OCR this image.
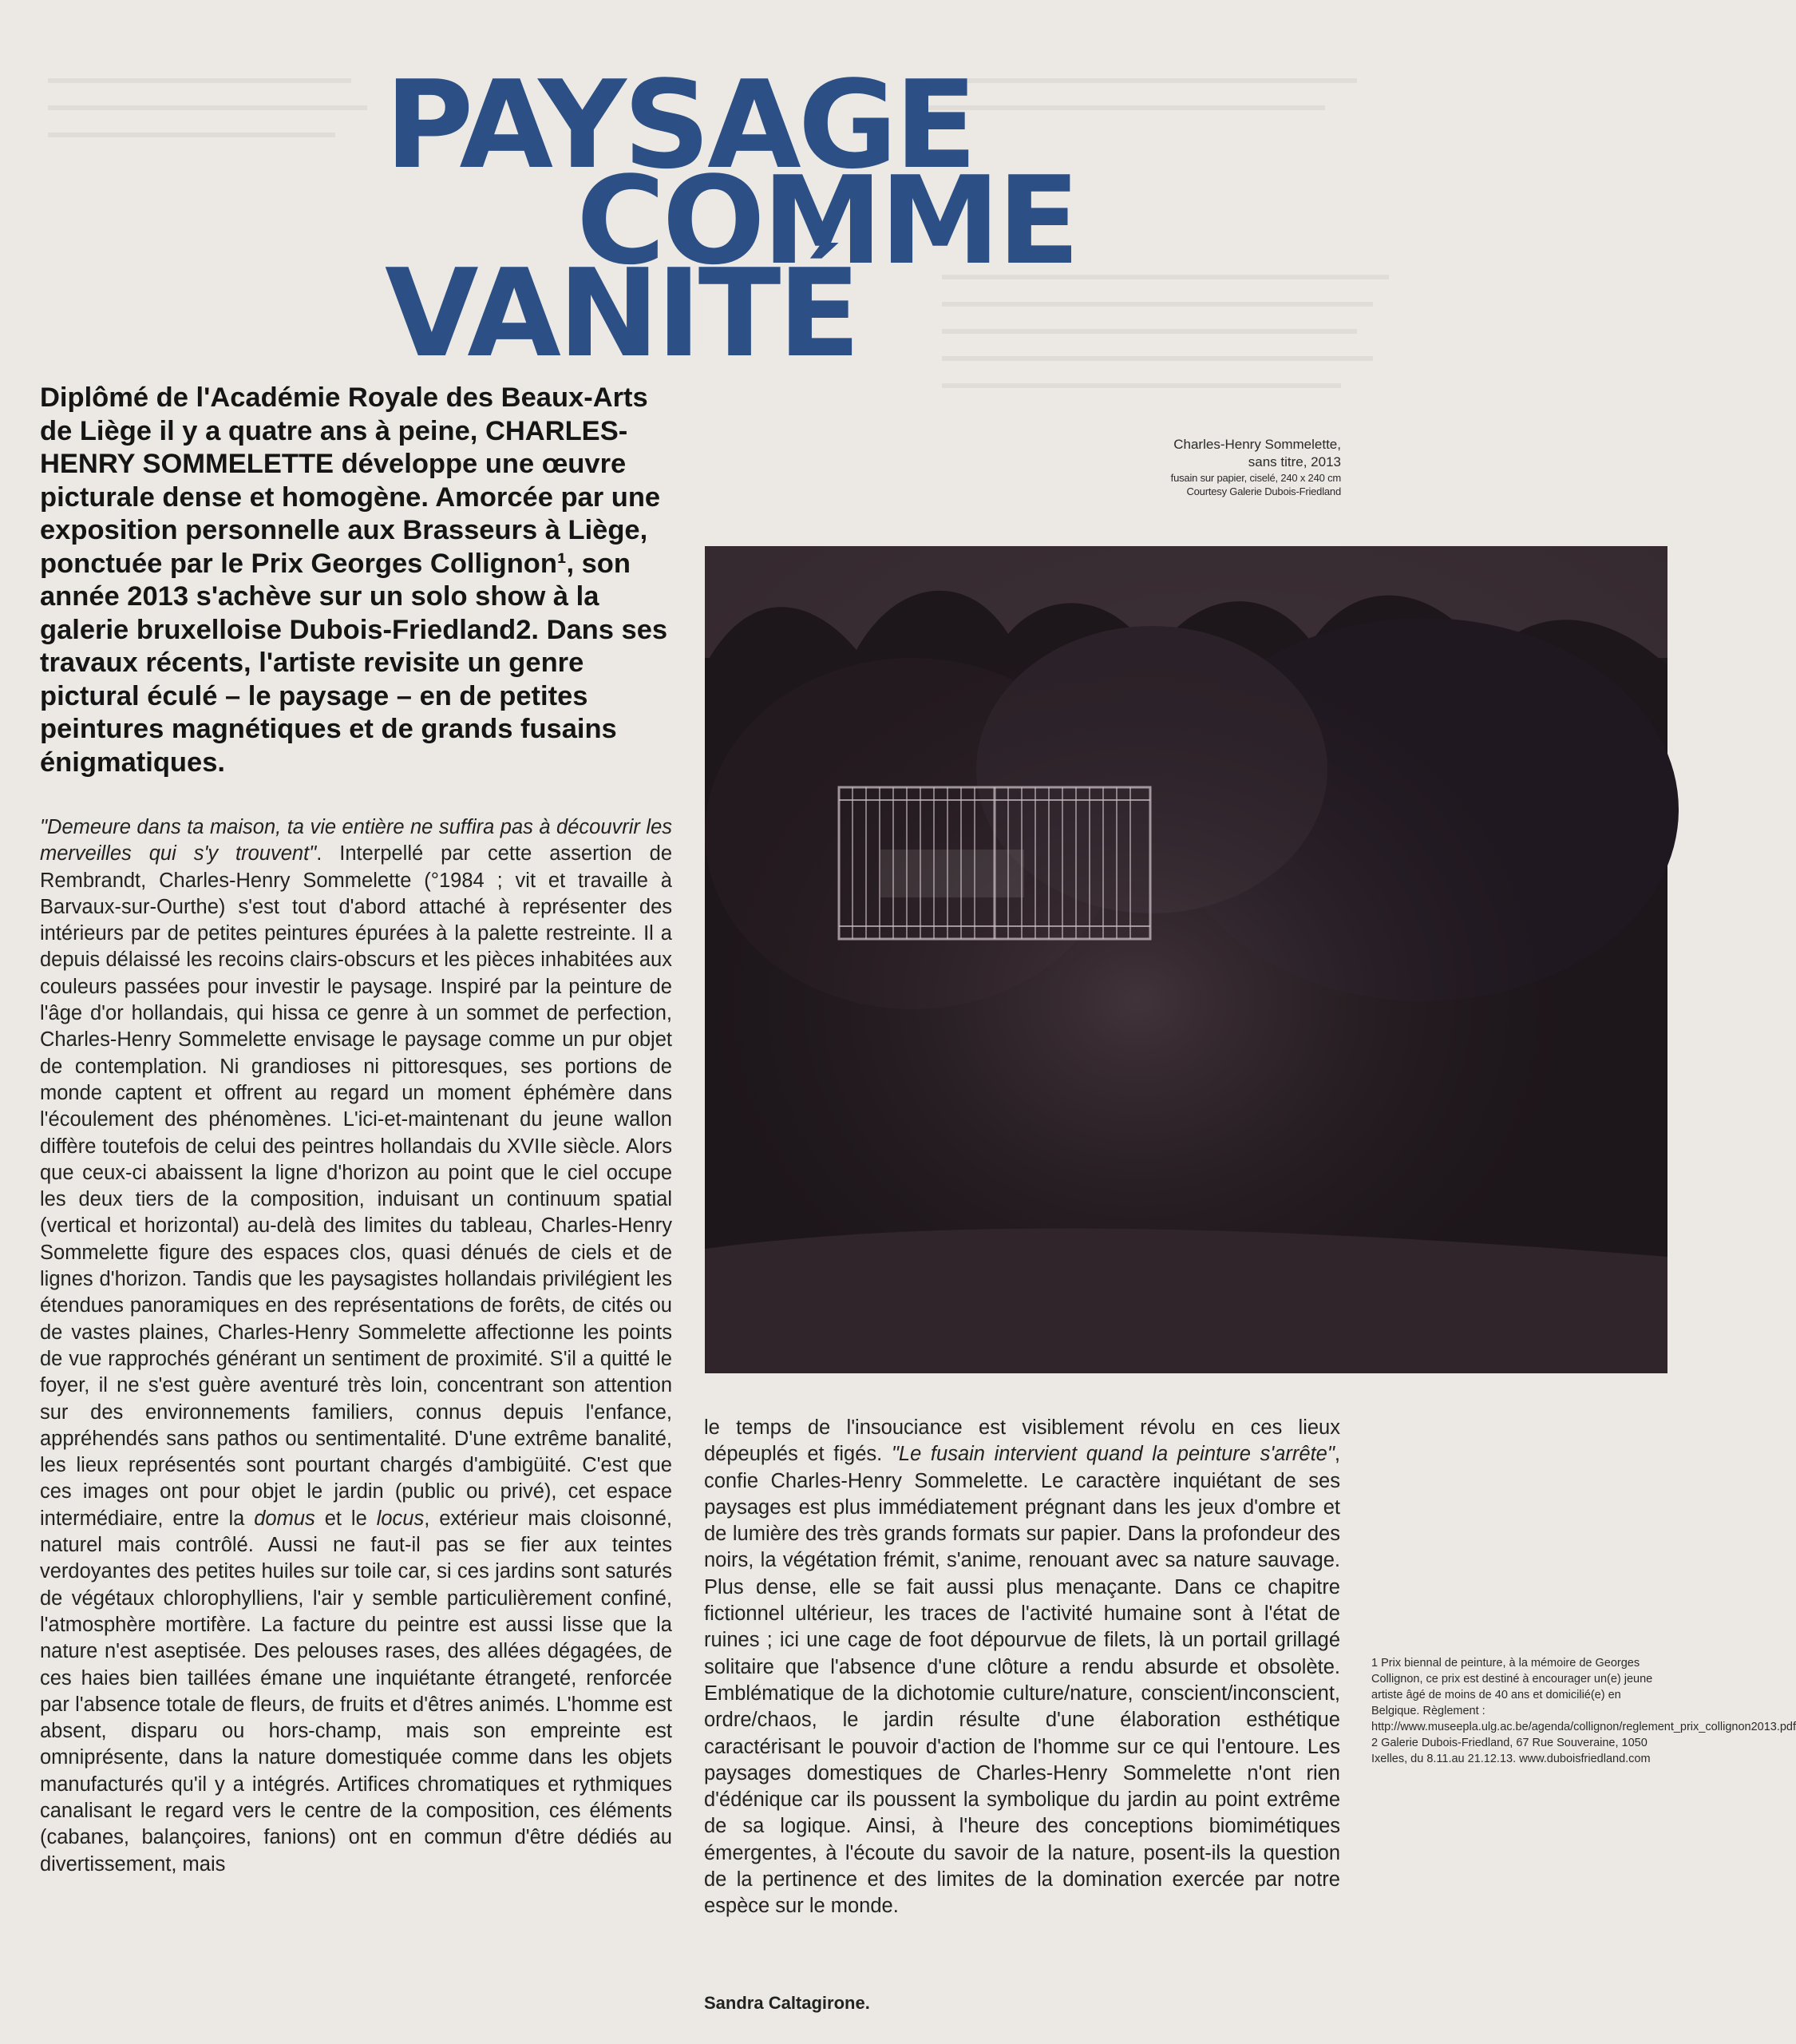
PAYSAGE
COMME
VANITÉ

Diplômé de l'Académie Royale des Beaux-Arts de Liège il y a quatre ans à peine, CHARLES-HENRY SOMMELETTE développe une œuvre picturale dense et homogène. Amorcée par une exposition personnelle aux Brasseurs à Liège, ponctuée par le Prix Georges Collignon¹, son année 2013 s'achève sur un solo show à la galerie bruxelloise Dubois-Friedland2. Dans ses travaux récents, l'artiste revisite un genre pictural éculé – le paysage – en de petites peintures magnétiques et de grands fusains énigmatiques.

Charles-Henry Sommelette,
sans titre, 2013
fusain sur papier, ciselé, 240 x 240 cm
Courtesy Galerie Dubois-Friedland

"Demeure dans ta maison, ta vie entière ne suffira pas à découvrir les merveilles qui s'y trouvent". Interpellé par cette assertion de Rembrandt, Charles-Henry Sommelette (°1984 ; vit et travaille à Barvaux-sur-Ourthe) s'est tout d'abord attaché à représenter des intérieurs par de petites peintures épurées à la palette restreinte. Il a depuis délaissé les recoins clairs-obscurs et les pièces inhabitées aux couleurs passées pour investir le paysage. Inspiré par la peinture de l'âge d'or hollandais, qui hissa ce genre à un sommet de perfection, Charles-Henry Sommelette envisage le paysage comme un pur objet de contemplation. Ni grandioses ni pittoresques, ses portions de monde captent et offrent au regard un moment éphémère dans l'écoulement des phénomènes. L'ici-et-maintenant du jeune wallon diffère toutefois de celui des peintres hollandais du XVIIe siècle. Alors que ceux-ci abaissent la ligne d'horizon au point que le ciel occupe les deux tiers de la composition, induisant un continuum spatial (vertical et horizontal) au-delà des limites du tableau, Charles-Henry Sommelette figure des espaces clos, quasi dénués de ciels et de lignes d'horizon. Tandis que les paysagistes hollandais privilégient les étendues panoramiques en des représentations de forêts, de cités ou de vastes plaines, Charles-Henry Sommelette affectionne les points de vue rapprochés générant un sentiment de proximité. S'il a quitté le foyer, il ne s'est guère aventuré très loin, concentrant son attention sur des environnements familiers, connus depuis l'enfance, appréhendés sans pathos ou sentimentalité. D'une extrême banalité, les lieux représentés sont pourtant chargés d'ambigüité. C'est que ces images ont pour objet le jardin (public ou privé), cet espace intermédiaire, entre la domus et le locus, extérieur mais cloisonné, naturel mais contrôlé. Aussi ne faut-il pas se fier aux teintes verdoyantes des petites huiles sur toile car, si ces jardins sont saturés de végétaux chlorophylliens, l'air y semble particulièrement confiné, l'atmosphère mortifère. La facture du peintre est aussi lisse que la nature n'est aseptisée. Des pelouses rases, des allées dégagées, de ces haies bien taillées émane une inquiétante étrangeté, renforcée par l'absence totale de fleurs, de fruits et d'êtres animés. L'homme est absent, disparu ou hors-champ, mais son empreinte est omniprésente, dans la nature domestiquée comme dans les objets manufacturés qu'il y a intégrés. Artifices chromatiques et rythmiques canalisant le regard vers le centre de la composition, ces éléments (cabanes, balançoires, fanions) ont en commun d'être dédiés au divertissement, mais

le temps de l'insouciance est visiblement révolu en ces lieux dépeuplés et figés. "Le fusain intervient quand la peinture s'arrête", confie Charles-Henry Sommelette. Le caractère inquiétant de ses paysages est plus immédiatement prégnant dans les jeux d'ombre et de lumière des très grands formats sur papier. Dans la profondeur des noirs, la végétation frémit, s'anime, renouant avec sa nature sauvage. Plus dense, elle se fait aussi plus menaçante. Dans ce chapitre fictionnel ultérieur, les traces de l'activité humaine sont à l'état de ruines ; ici une cage de foot dépourvue de filets, là un portail grillagé solitaire que l'absence d'une clôture a rendu absurde et obsolète. Emblématique de la dichotomie culture/nature, conscient/inconscient, ordre/chaos, le jardin résulte d'une élaboration esthétique caractérisant le pouvoir d'action de l'homme sur ce qui l'entoure. Les paysages domestiques de Charles-Henry Sommelette n'ont rien d'édénique car ils poussent la symbolique du jardin au point extrême de sa logique. Ainsi, à l'heure des conceptions biomimétiques émergentes, à l'écoute du savoir de la nature, posent-ils la question de la pertinence et des limites de la domination exercée par notre espèce sur le monde.

Sandra Caltagirone.

1 Prix biennal de peinture, à la mémoire de Georges Collignon, ce prix est destiné à encourager un(e) jeune artiste âgé de moins de 40 ans et domicilié(e) en Belgique. Règlement : http://www.museepla.ulg.ac.be/agenda/collignon/reglement_prix_collignon2013.pdf

2 Galerie Dubois-Friedland, 67 Rue Souveraine, 1050 Ixelles, du 8.11.au 21.12.13. www.duboisfriedland.com
